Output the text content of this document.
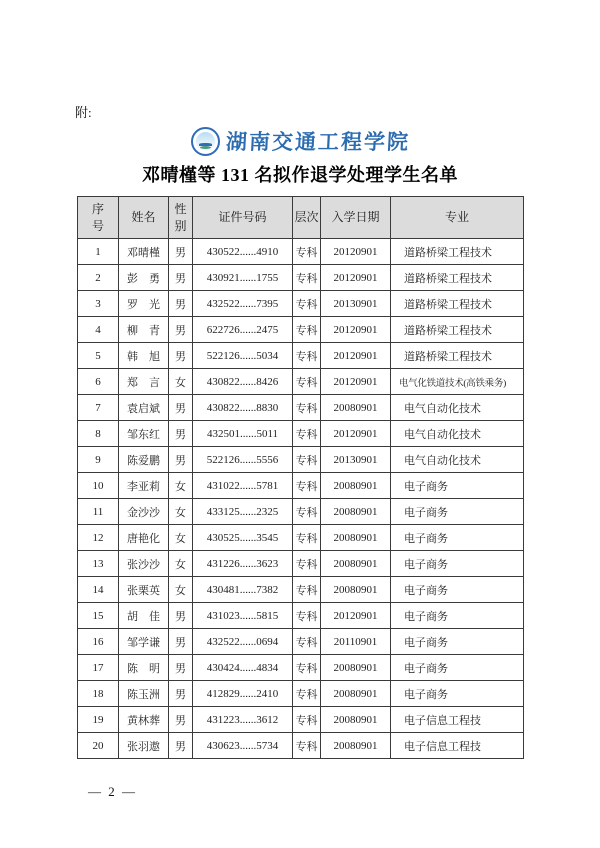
附:
湖南交通工程学院
邓晴槿等 131 名拟作退学处理学生名单
序号	姓名	性别	证件号码	层次	入学日期	专业
1	邓晴槿	男	430522......4910	专科	20120901	道路桥梁工程技术
2	彭　勇	男	430921......1755	专科	20120901	道路桥梁工程技术
3	罗　光	男	432522......7395	专科	20130901	道路桥梁工程技术
4	柳　青	男	622726......2475	专科	20120901	道路桥梁工程技术
5	韩　旭	男	522126......5034	专科	20120901	道路桥梁工程技术
6	郑　言	女	430822......8426	专科	20120901	电气化铁道技术(高铁乘务)
7	袁启斌	男	430822......8830	专科	20080901	电气自动化技术
8	邹东红	男	432501......5011	专科	20120901	电气自动化技术
9	陈爱鹏	男	522126......5556	专科	20130901	电气自动化技术
10	李亚莉	女	431022......5781	专科	20080901	电子商务
11	金沙沙	女	433125......2325	专科	20080901	电子商务
12	唐艳化	女	430525......3545	专科	20080901	电子商务
13	张沙沙	女	431226......3623	专科	20080901	电子商务
14	张栗英	女	430481......7382	专科	20080901	电子商务
15	胡　佳	男	431023......5815	专科	20120901	电子商务
16	邹学谦	男	432522......0694	专科	20110901	电子商务
17	陈　明	男	430424......4834	专科	20080901	电子商务
18	陈玉洲	男	412829......2410	专科	20080901	电子商务
19	黄林葬	男	431223......3612	专科	20080901	电子信息工程技
20	张羽遨	男	430623......5734	专科	20080901	电子信息工程技
— 2 —
